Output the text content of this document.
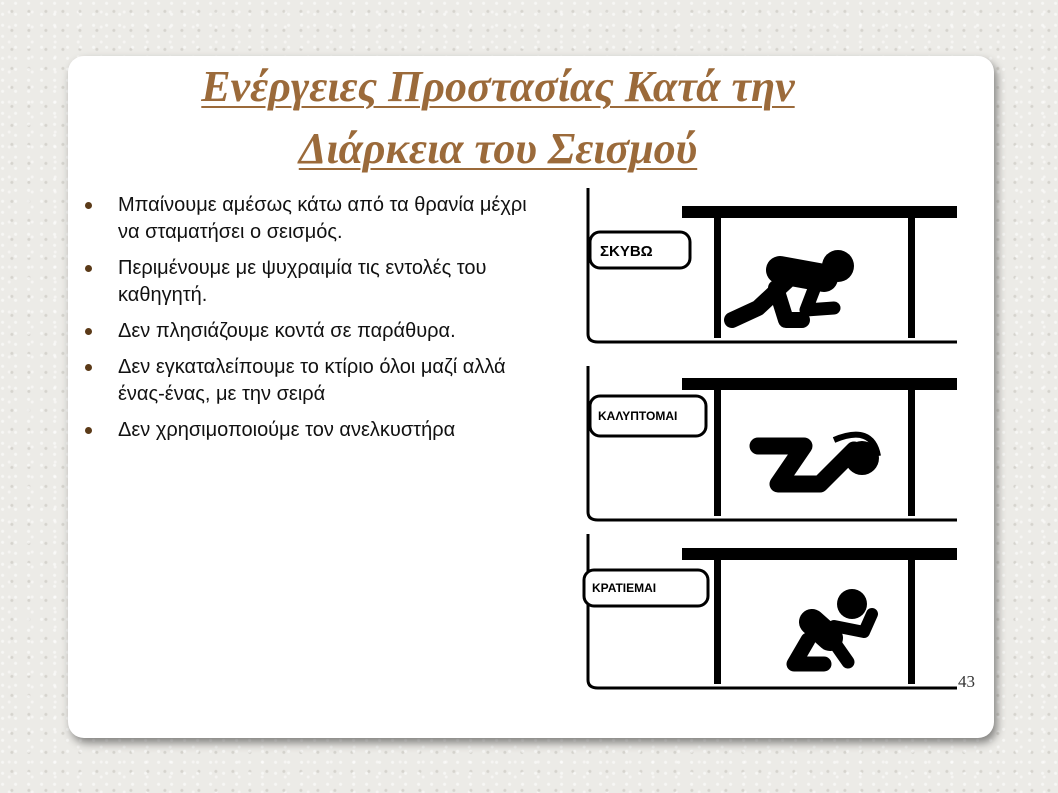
Ενέργειες Προστασίας Κατά την
Διάρκεια του Σεισμού
Μπαίνουμε αμέσως κάτω από τα θρανία μέχρι να σταματήσει ο σεισμός.
Περιμένουμε με ψυχραιμία τις εντολές του καθηγητή.
Δεν πλησιάζουμε κοντά σε παράθυρα.
Δεν εγκαταλείπουμε το κτίριο όλοι μαζί αλλά ένας-ένας, με την σειρά
Δεν χρησιμοποιούμε τον ανελκυστήρα
ΣΚΥΒΩ
ΚΑΛΥΠΤΟΜΑΙ
ΚΡΑΤΙΕΜΑΙ
43
